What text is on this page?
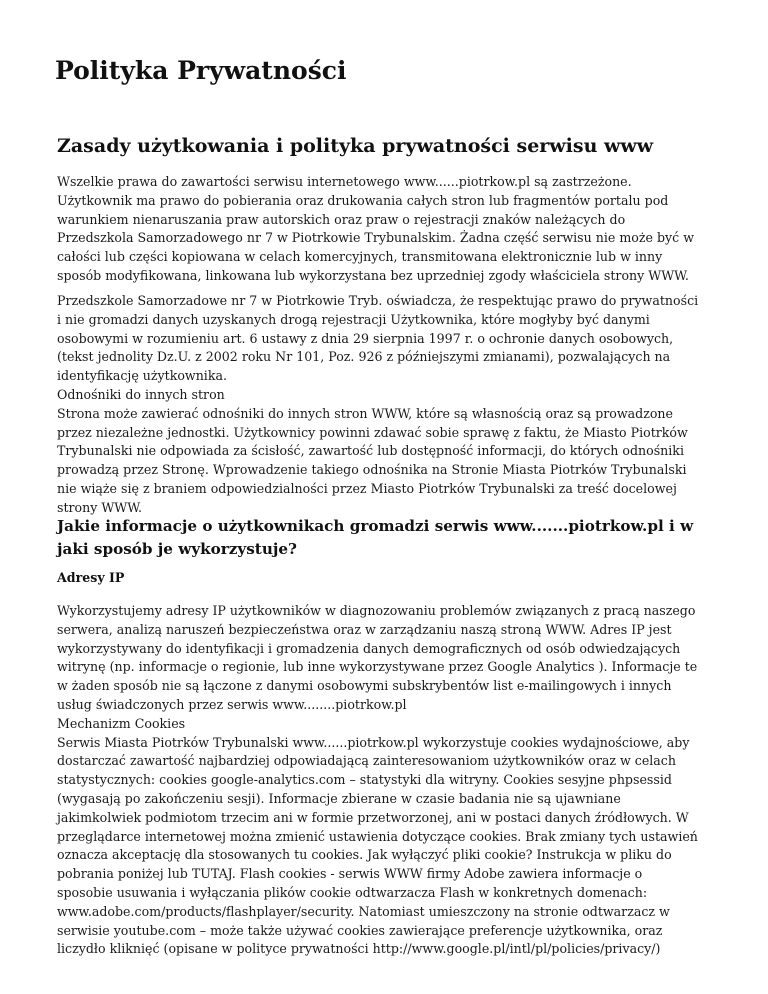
Polityka Prywatności
Zasady użytkowania i polityka prywatności serwisu www
Wszelkie prawa do zawartości serwisu internetowego www......piotrkow.pl są zastrzeżone.
Użytkownik ma prawo do pobierania oraz drukowania całych stron lub fragmentów portalu pod
warunkiem nienaruszania praw autorskich oraz praw o rejestracji znaków należących do
Przedszkola Samorzadowego nr 7 w Piotrkowie Trybunalskim. Żadna część serwisu nie może być w
całości lub części kopiowana w celach komercyjnych, transmitowana elektronicznie lub w inny
sposób modyfikowana, linkowana lub wykorzystana bez uprzedniej zgody właściciela strony WWW.
Przedszkole Samorzadowe nr 7 w Piotrkowie Tryb. oświadcza, że respektując prawo do prywatności
i nie gromadzi danych uzyskanych drogą rejestracji Użytkownika, które mogłyby być danymi
osobowymi w rozumieniu art. 6 ustawy z dnia 29 sierpnia 1997 r. o ochronie danych osobowych,
(tekst jednolity Dz.U. z 2002 roku Nr 101, Poz. 926 z późniejszymi zmianami), pozwalających na
identyfikację użytkownika.
Odnośniki do innych stron
Strona może zawierać odnośniki do innych stron WWW, które są własnością oraz są prowadzone
przez niezależne jednostki. Użytkownicy powinni zdawać sobie sprawę z faktu, że Miasto Piotrków
Trybunalski nie odpowiada za ścisłość, zawartość lub dostępność informacji, do których odnośniki
prowadzą przez Stronę. Wprowadzenie takiego odnośnika na Stronie Miasta Piotrków Trybunalski
nie wiąże się z braniem odpowiedzialności przez Miasto Piotrków Trybunalski za treść docelowej
strony WWW.
Jakie informacje o użytkownikach gromadzi serwis www.......piotrkow.pl i w
jaki sposób je wykorzystuje?
Adresy IP
Wykorzystujemy adresy IP użytkowników w diagnozowaniu problemów związanych z pracą naszego
serwera, analizą naruszeń bezpieczeństwa oraz w zarządzaniu naszą stroną WWW. Adres IP jest
wykorzystywany do identyfikacji i gromadzenia danych demograficznych od osób odwiedzających
witrynę (np. informacje o regionie, lub inne wykorzystywane przez Google Analytics ). Informacje te
w żaden sposób nie są łączone z danymi osobowymi subskrybentów list e-mailingowych i innych
usług świadczonych przez serwis www........piotrkow.pl
Mechanizm Cookies
Serwis Miasta Piotrków Trybunalski www......piotrkow.pl wykorzystuje cookies wydajnościowe, aby
dostarczać zawartość najbardziej odpowiadającą zainteresowaniom użytkowników oraz w celach
statystycznych: cookies google-analytics.com – statystyki dla witryny. Cookies sesyjne phpsessid
(wygasają po zakończeniu sesji). Informacje zbierane w czasie badania nie są ujawniane
jakimkolwiek podmiotom trzecim ani w formie przetworzonej, ani w postaci danych źródłowych. W
przeglądarce internetowej można zmienić ustawienia dotyczące cookies. Brak zmiany tych ustawień
oznacza akceptację dla stosowanych tu cookies. Jak wyłączyć pliki cookie? Instrukcja w pliku do
pobrania poniżej lub TUTAJ. Flash cookies - serwis WWW firmy Adobe zawiera informacje o
sposobie usuwania i wyłączania plików cookie odtwarzacza Flash w konkretnych domenach:
www.adobe.com/products/flashplayer/security. Natomiast umieszczony na stronie odtwarzacz w
serwisie youtube.com – może także używać cookies zawierające preferencje użytkownika, oraz
liczydło kliknięć (opisane w polityce prywatności http://www.google.pl/intl/pl/policies/privacy/)
